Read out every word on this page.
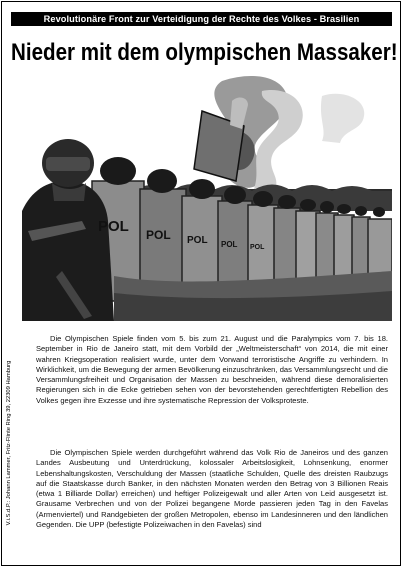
Revolutionäre Front zur Verteidigung der Rechte des Volkes - Brasilien
Nieder mit dem olympischen Massaker!
POL POL POL POL POL
V.i.S.d.P.: Johann Lammer, Fritz-Flinte Ring 39, 22309 Hamburg
Die Olympischen Spiele finden vom 5. bis zum 21. August und die Paralympics vom 7. bis 18. September in Rio de Janeiro statt, mit dem Vorbild der „Weltmeisterschaft“ von 2014, die mit einer wahren Kriegsoperation realisiert wurde, unter dem Vorwand terroristische Angriffe zu verhindern. In Wirklichkeit, um die Bewegung der armen Bevölkerung einzuschränken, das Versammlungsrecht und die Versammlungsfreiheit und Organisation der Massen zu beschneiden, während diese demoralisierten Regierungen sich in die Ecke getrieben sehen von der bevorstehenden gerechtfertigten Rebellion des Volkes gegen ihre Exzesse und ihre systematische Repression der Volksproteste.
Die Olympischen Spiele werden durchgeführt während das Volk Rio de Janeiros und des ganzen Landes Ausbeutung und Unterdrückung, kolossaler Arbeitslosigkeit, Lohnsenkung, enormer Lebenshaltungskosten, Verschuldung der Massen (staatliche Schulden, Quelle des dreisten Raubzugs auf die Staatskasse durch Banker, in den nächsten Monaten werden den Betrag von 3 Billionen Reais (etwa 1 Billiarde Dollar) erreichen) und heftiger Polizeigewalt und aller Arten von Leid ausgesetzt ist. Grausame Verbrechen und von der Polizei begangene Morde passieren jeden Tag in den Favelas (Armenviertel) und Randgebieten der großen Metropolen, ebenso im Landesinneren und den ländlichen Gegenden. Die UPP (befestigte Polizeiwachen in den Favelas) sind
